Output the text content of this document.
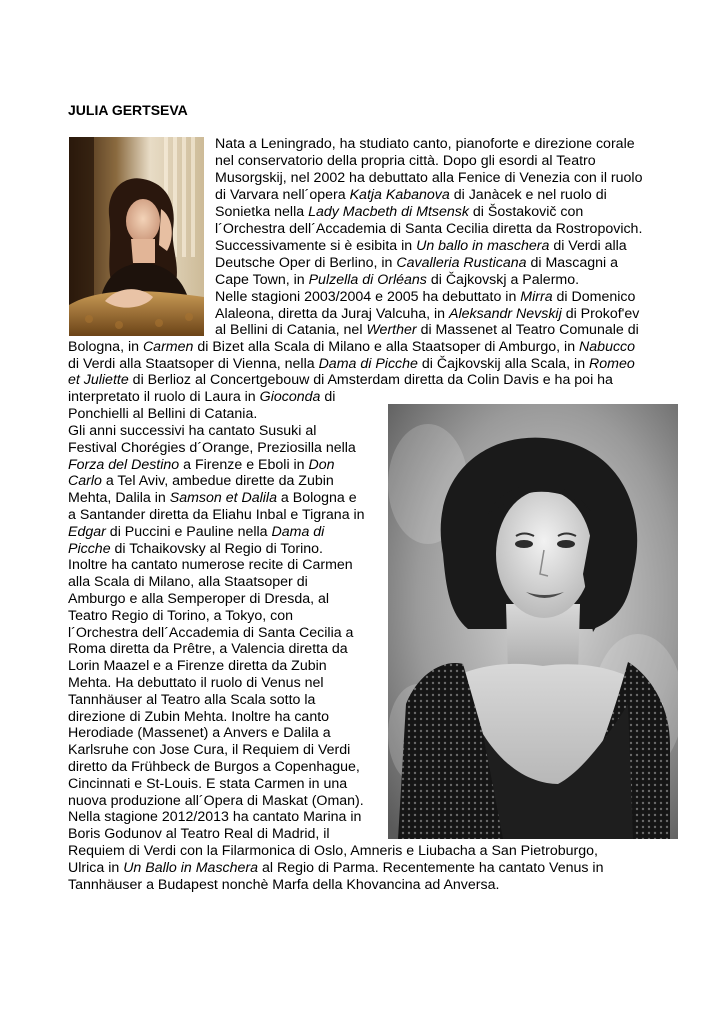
JULIA GERTSEVA

Nata a Leningrado, ha studiato canto, pianoforte e direzione corale

nel conservatorio della propria città. Dopo gli esordi al Teatro

Musorgskij, nel 2002 ha debuttato alla Fenice di Venezia con il ruolo

di Varvara nell´opera Katja Kabanova di Janàcek e nel ruolo di

Sonietka nella Lady Macbeth di Mtsensk di Šostakovič con

l´Orchestra dell´Accademia di Santa Cecilia diretta da Rostropovich.

Successivamente si è esibita in Un ballo in maschera di Verdi alla

Deutsche Oper di Berlino, in Cavalleria Rusticana di Mascagni a

Cape Town, in Pulzella di Orléans di Čajkovskj a Palermo.

Nelle stagioni 2003/2004 e 2005 ha debuttato in Mirra di Domenico

Alaleona, diretta da Juraj Valcuha, in Aleksandr Nevskij di Prokof'ev

al Bellini di Catania, nel Werther di Massenet al Teatro Comunale di

Bologna, in Carmen di Bizet alla Scala di Milano e alla Staatsoper di Amburgo, in Nabucco

di Verdi alla Staatsoper di Vienna, nella Dama di Picche di Čajkovskij alla Scala, in Romeo

et Juliette di Berlioz al Concertgebouw di Amsterdam diretta da Colin Davis e ha poi ha

interpretato il ruolo di Laura in Gioconda di

Ponchielli al Bellini di Catania.

Gli anni successivi ha cantato Susuki al

Festival Chorégies d´Orange, Preziosilla nella

Forza del Destino a Firenze e Eboli in Don

Carlo a Tel Aviv, ambedue dirette da Zubin

Mehta, Dalila in Samson et Dalila a Bologna e

a Santander diretta da Eliahu Inbal e Tigrana in

Edgar di Puccini e Pauline nella Dama di

Picche di Tchaikovsky al Regio di Torino.

Inoltre ha cantato numerose recite di Carmen

alla Scala di Milano, alla Staatsoper di

Amburgo e alla Semperoper di Dresda, al

Teatro Regio di Torino, a Tokyo, con

l´Orchestra dell´Accademia di Santa Cecilia a

Roma diretta da Prêtre, a Valencia diretta da

Lorin Maazel e a Firenze diretta da Zubin

Mehta. Ha debuttato il ruolo di Venus nel

Tannhäuser al Teatro alla Scala sotto la

direzione di Zubin Mehta. Inoltre ha canto

Herodiade (Massenet) a Anvers e Dalila a

Karlsruhe con Jose Cura, il Requiem di Verdi

diretto da Frühbeck de Burgos a Copenhague,

Cincinnati e St-Louis. E stata Carmen in una

nuova produzione all´Opera di Maskat (Oman).

Nella stagione 2012/2013 ha cantato Marina in

Boris Godunov al Teatro Real di Madrid, il

Requiem di Verdi con la Filarmonica di Oslo, Amneris e Liubacha a San Pietroburgo,

Ulrica in Un Ballo in Maschera al Regio di Parma. Recentemente ha cantato Venus in

Tannhäuser a Budapest nonchè Marfa della Khovancina ad Anversa.
